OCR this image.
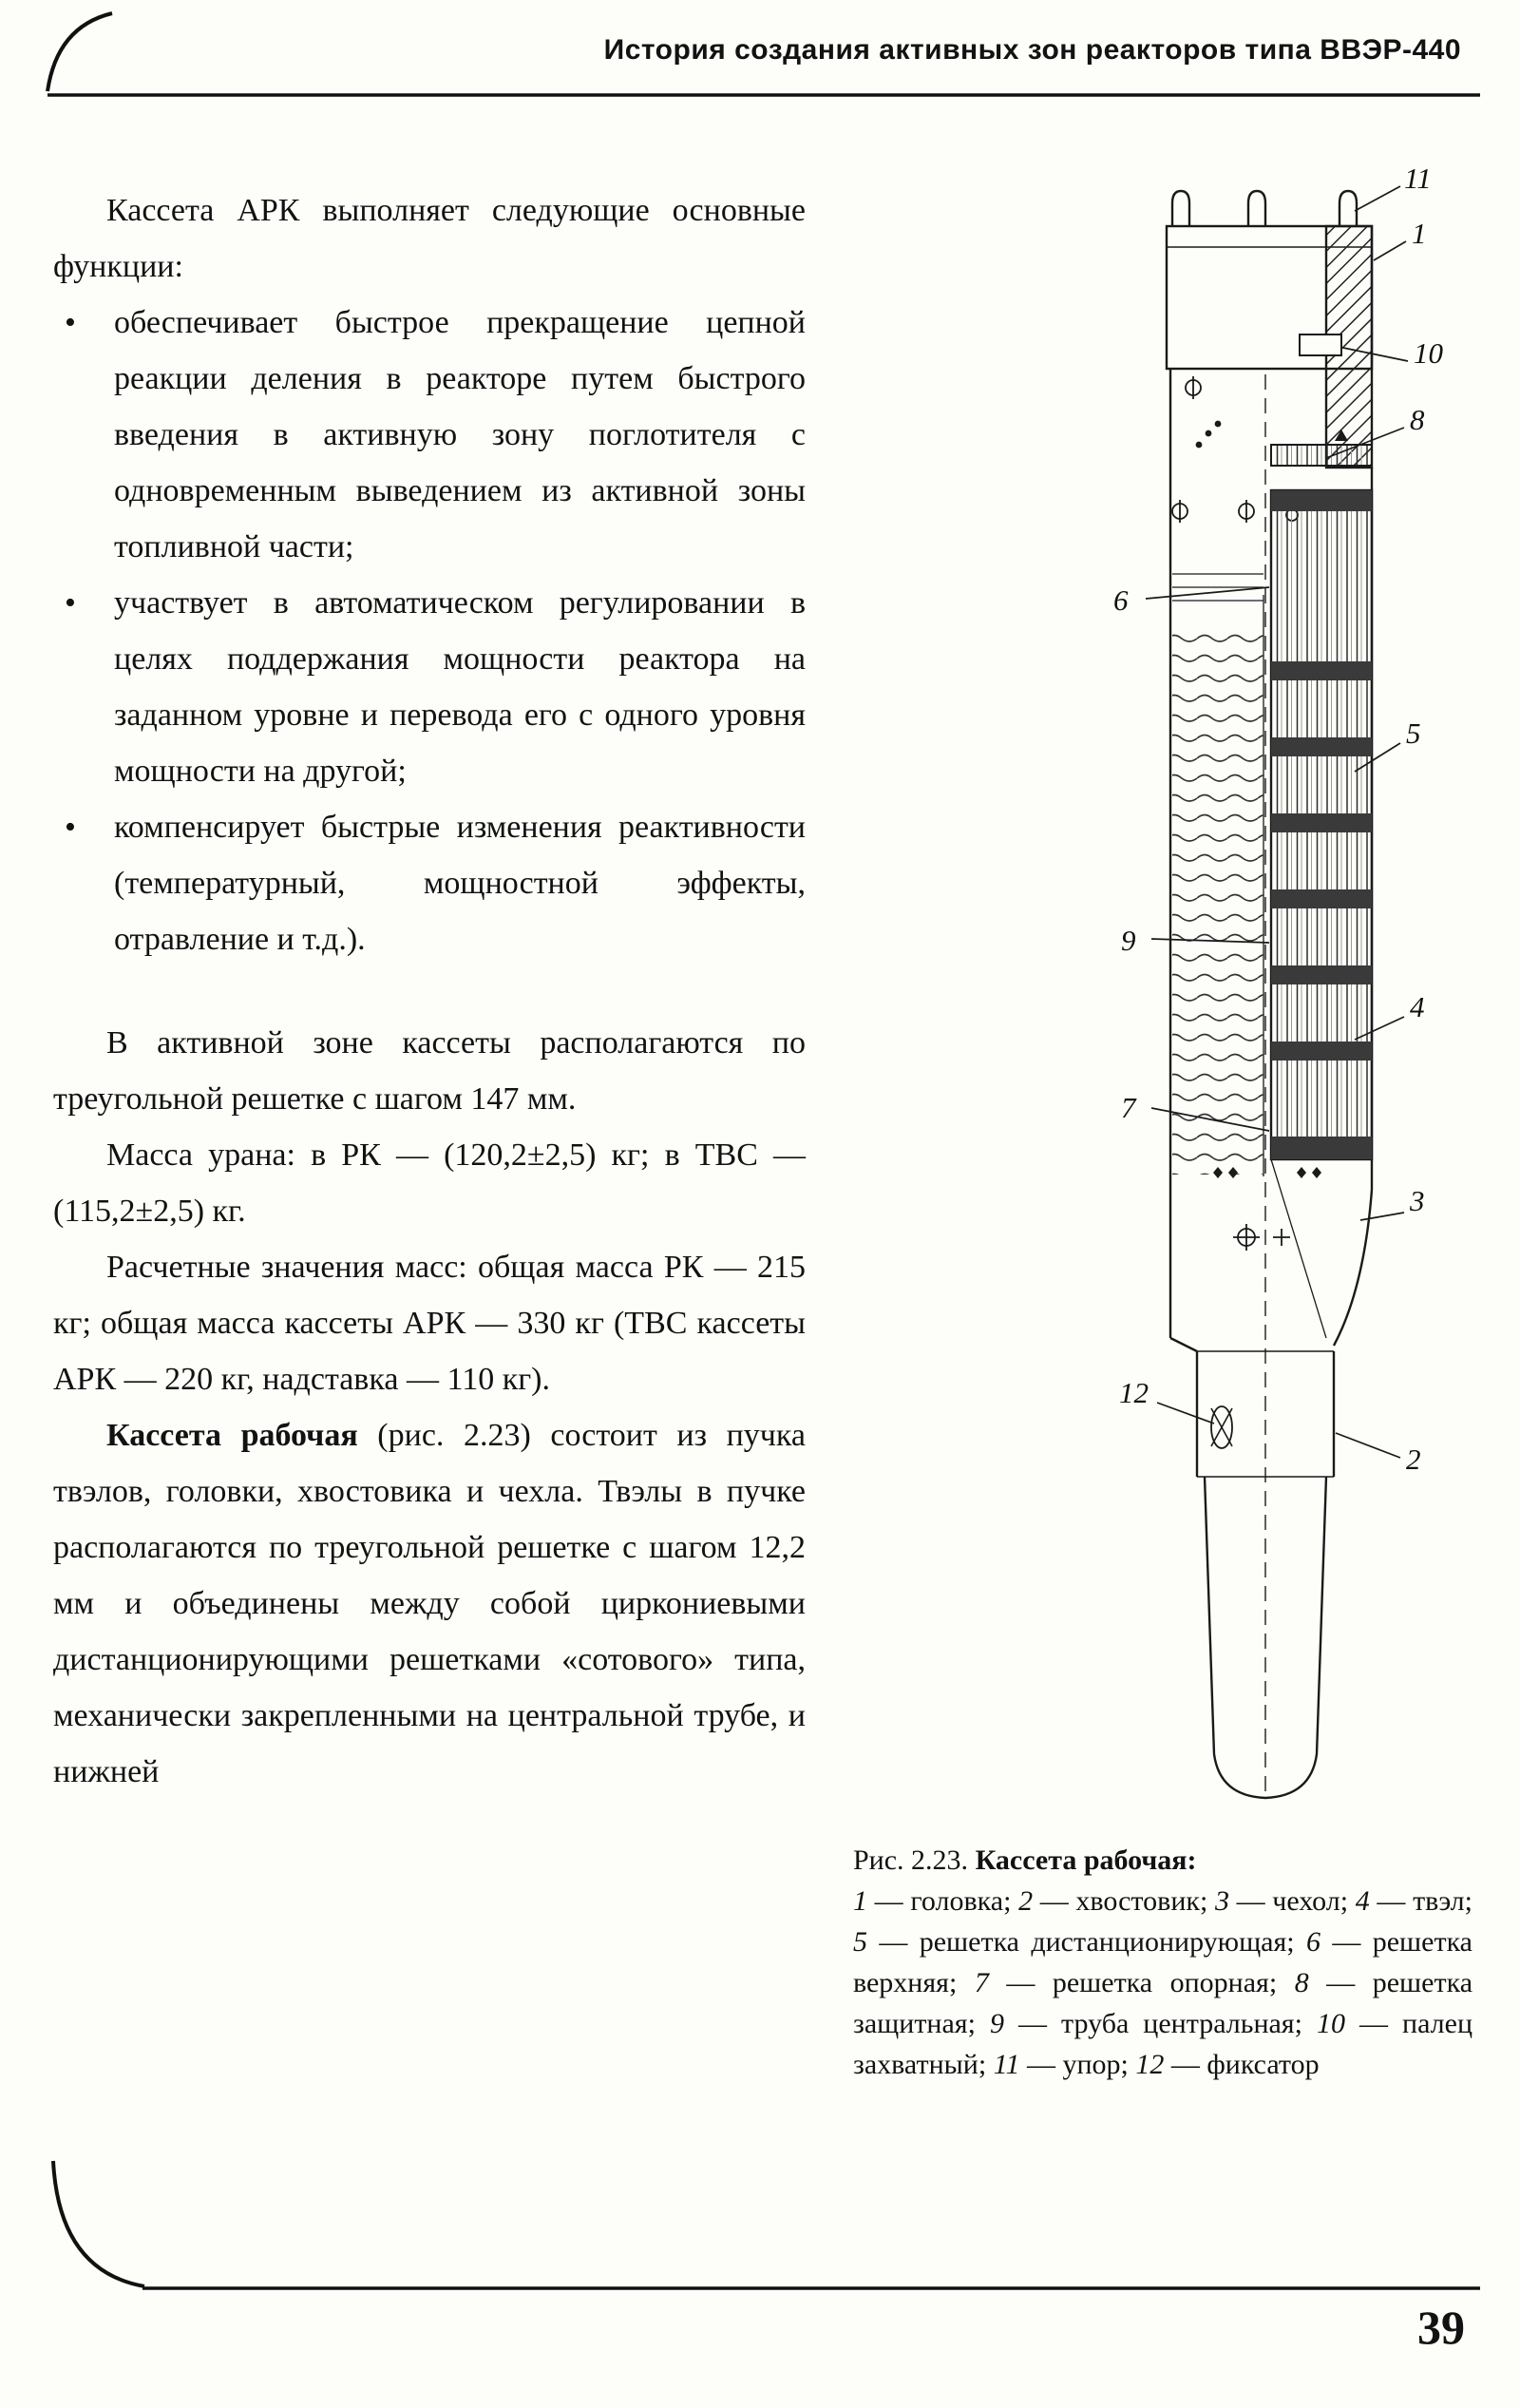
История создания активных зон реакторов типа ВВЭР-440

Кассета АРК выполняет следующие основные функции:

• обеспечивает быстрое прекращение цепной реакции деления в реакторе путем быстрого введения в активную зону поглотителя с одновременным выведением из активной зоны топливной части;
• участвует в автоматическом регулировании в целях поддержания мощности реактора на заданном уровне и перевода его с одного уровня мощности на другой;
• компенсирует быстрые изменения реактивности (температурный, мощностной эффекты, отравление и т.д.).

В активной зоне кассеты располагаются по треугольной решетке с шагом 147 мм.

Масса урана: в РК — (120,2±2,5) кг; в ТВС — (115,2±2,5) кг.

Расчетные значения масс: общая масса РК — 215 кг; общая масса кассеты АРК — 330 кг (ТВС кассеты АРК — 220 кг, надставка — 110 кг).

Кассета рабочая (рис. 2.23) состоит из пучка твэлов, головки, хвостовика и чехла. Твэлы в пучке располагаются по треугольной решетке с шагом 12,2 мм и объединены между собой циркониевыми дистанционирующими решетками «сотового» типа, механически закрепленными на центральной трубе, и нижней

11
1
10
8
6
5
9
4
7
3
12
2
Рис. 2.23. Кассета рабочая:
1 — головка; 2 — хвостовик; 3 — чехол; 4 — твэл; 5 — решетка дистанционирующая; 6 — решетка верхняя; 7 — решетка опорная; 8 — решетка защитная; 9 — труба центральная; 10 — палец захватный; 11 — упор; 12 — фиксатор
39
